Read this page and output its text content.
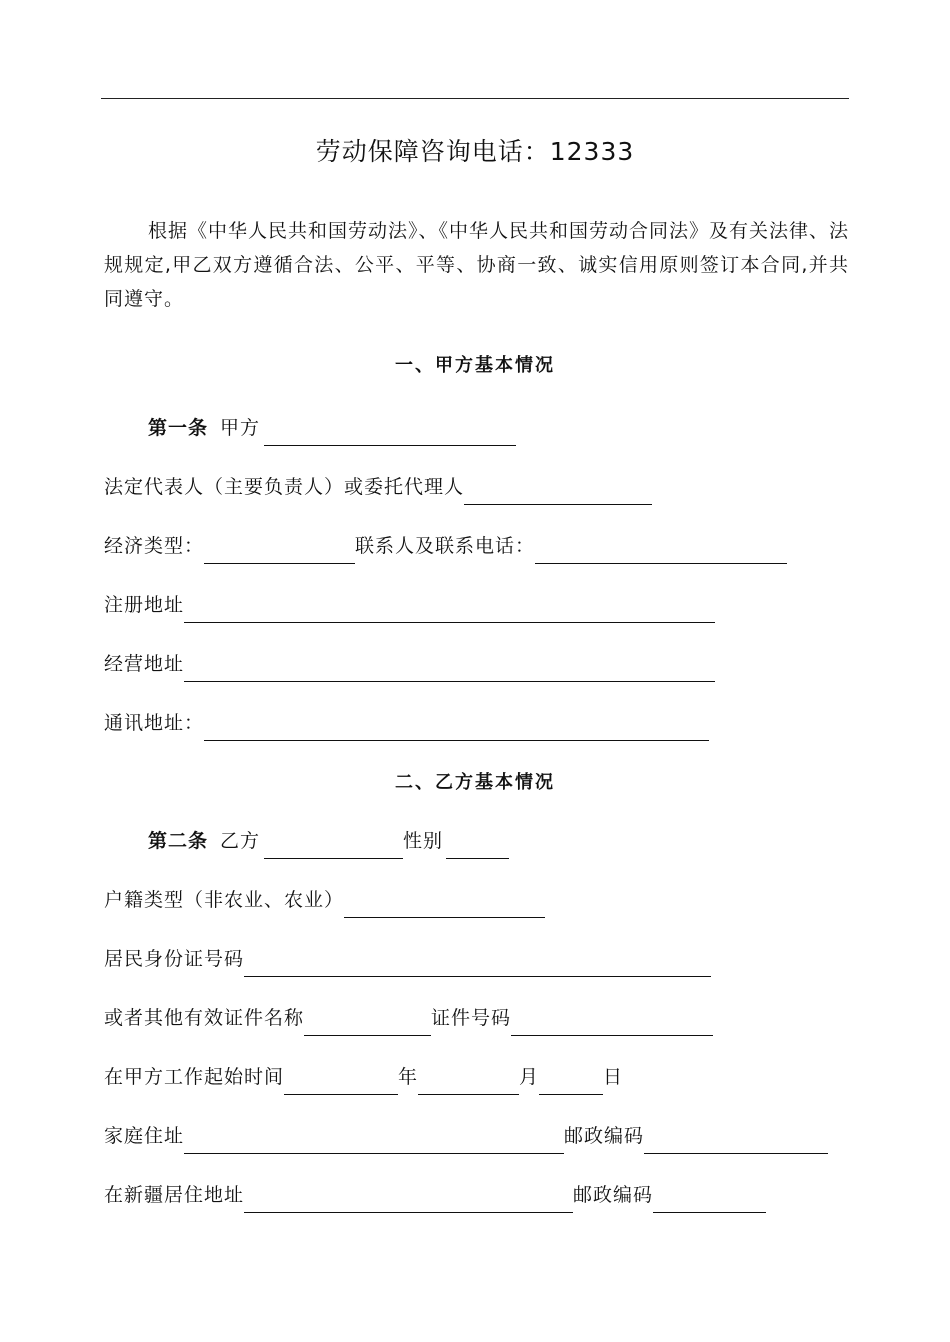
劳动保障咨询电话：12333
根据《中华人民共和国劳动法》、《中华人民共和国劳动合同法》及有关法律、法规规定,甲乙双方遵循合法、公平、平等、协商一致、诚实信用原则签订本合同,并共同遵守。
一、甲方基本情况
第一条 甲方
法定代表人（主要负责人）或委托代理人
经济类型：	联系人及联系电话：
注册地址
经营地址
通讯地址：
二、乙方基本情况
第二条 乙方	性别
户籍类型（非农业、农业）
居民身份证号码
或者其他有效证件名称	证件号码
在甲方工作起始时间	年	月	日
家庭住址	邮政编码
在新疆居住地址	邮政编码
